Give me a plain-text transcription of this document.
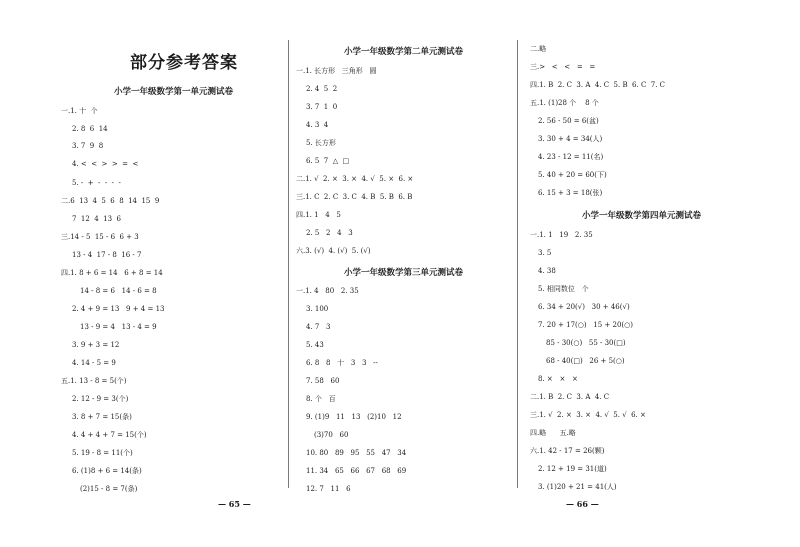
部分参考答案
小学一年级数学第一单元测试卷
一.1. 十  个
2. 8  6  14
3. 7  9  8
4. <  <  >  >  =  <
5. -  +  -  -  -  -
二.6  13  4  5  6  8  14  15  9
7  12  4  13  6
三.14 - 5  15 - 6  6 + 3
13 - 4  17 - 8  16 - 7
四.1. 8 + 6 = 14   6 + 8 = 14
14 - 8 = 6   14 - 6 = 8
2. 4 + 9 = 13   9 + 4 = 13
13 - 9 = 4   13 - 4 = 9
3. 9 + 3 = 12
4. 14 - 5 = 9
五.1. 13 - 8 = 5(个)
2. 12 - 9 = 3(个)
3. 8 + 7 = 15(条)
4. 4 + 4 + 7 = 15(个)
5. 19 - 8 = 11(个)
6. (1)8 + 6 = 14(条)
(2)15 - 8 = 7(条)
— 65 —
小学一年级数学第二单元测试卷
一.1. 长方形   三角形   圆
2. 4  5  2
3. 7  1  0
4. 3  4
5. 长方形
6. 5  7  △  □
二.1. √  2. ×  3. ×  4. √  5. ×  6. ×
三.1. C  2. C  3. C  4. B  5. B  6. B
四.1. 1   4   5
2. 5   2   4   3
六.3. (√)  4. (√)  5. (√)
小学一年级数学第三单元测试卷
一.1. 4   80   2. 35
3. 100
4. 7   3
5. 43
6. 8   8   十   3   3   --
7. 58   60
8. 个   百
9. (1)9   11   13   (2)10   12
(3)70   60
10. 80   89   95   55   47   34
11. 34   65   66   67   68   69
12. 7   11   6
二.略
三.>   <   <   =   =
四.1. B  2. C  3. A  4. C  5. B  6. C  7. C
五.1. (1)28 个    8 个
2. 56 - 50 = 6(盆)
3. 30 + 4 = 34(人)
4. 23 - 12 = 11(名)
5. 40 + 20 = 60(下)
6. 15 + 3 = 18(张)
小学一年级数学第四单元测试卷
一.1. 1   19   2. 35
3. 5
4. 38
5. 相同数位   个
6. 34 + 20(√)   30 + 46(√)
7. 20 + 17(○)   15 + 20(○)
85 - 30(○)   55 - 30(□)
68 - 40(□)   26 + 5(○)
8. ×   ×   ×
二.1. B  2. C  3. A  4. C
三.1. √  2. ×  3. ×  4. √  5. √  6. ×
四.略      五.略
六.1. 42 - 17 = 26(颗)
2. 12 + 19 = 31(道)
3. (1)20 + 21 = 41(人)
— 66 —
